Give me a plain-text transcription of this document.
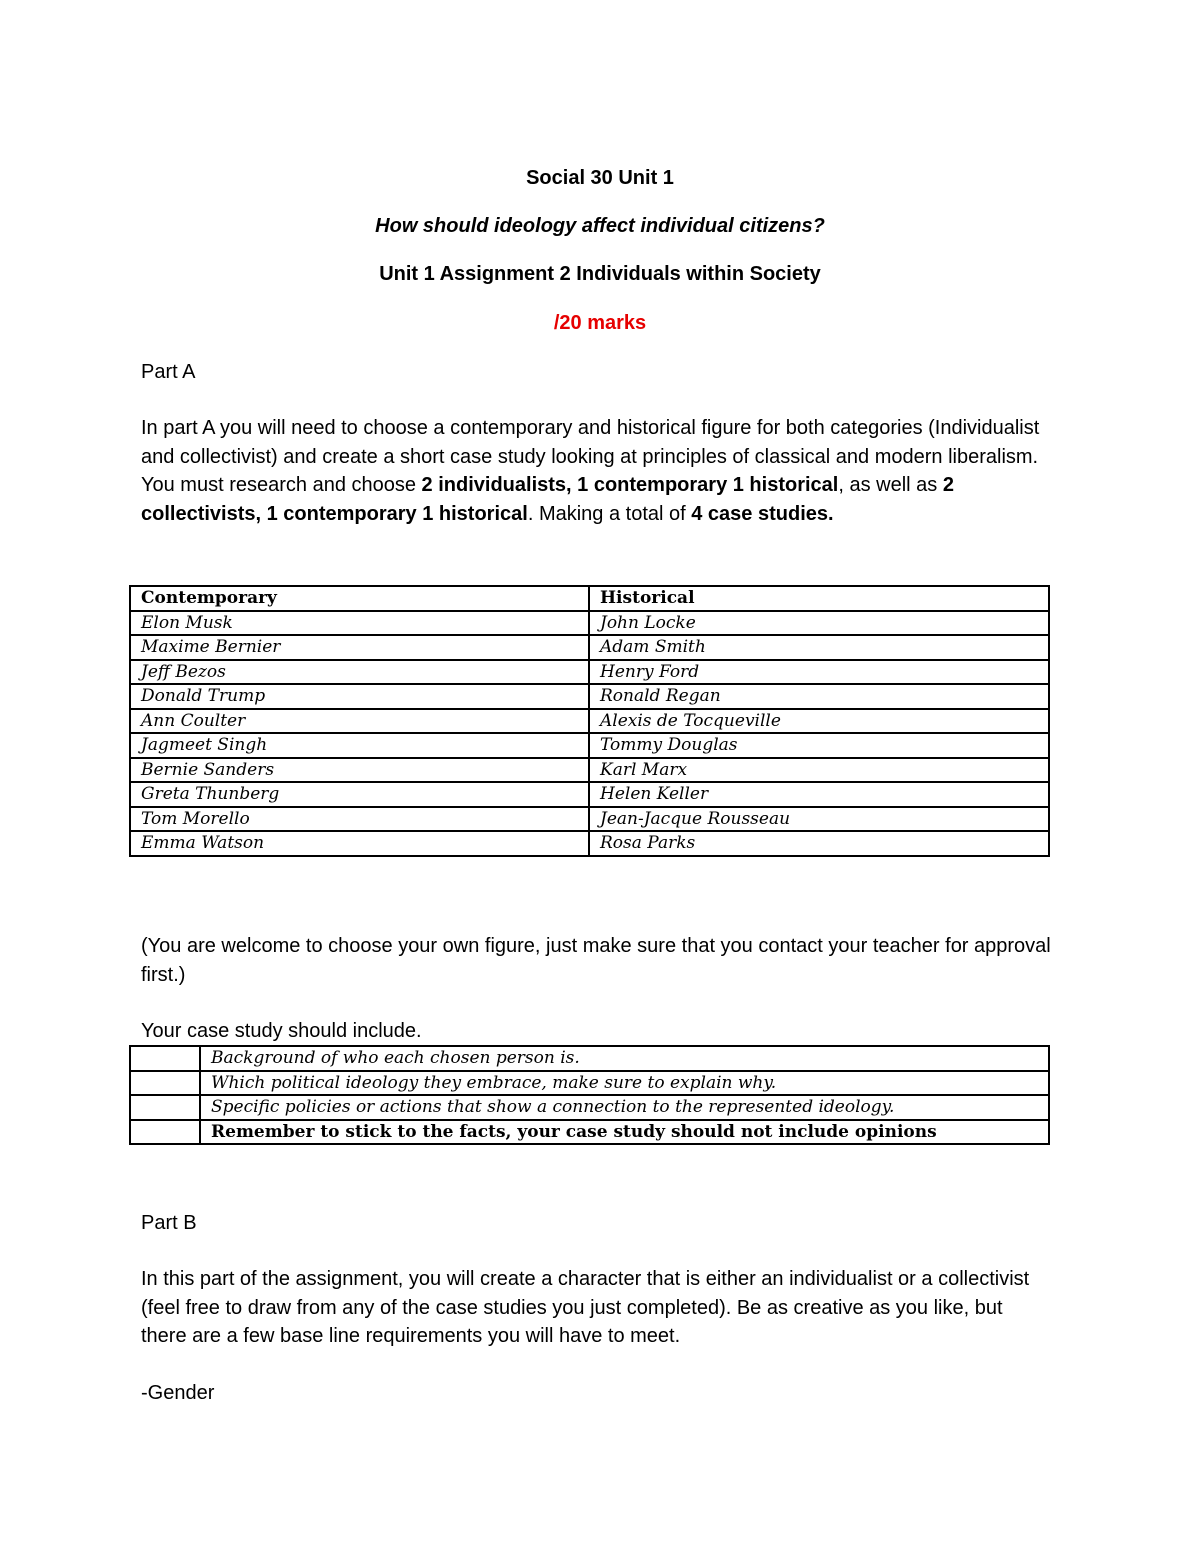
Social 30 Unit 1

How should ideology affect individual citizens?

Unit 1 Assignment 2 Individuals within Society

/20 marks

Part A

In part A you will need to choose a contemporary and historical figure for both categories (Individualist and collectivist) and create a short case study looking at principles of classical and modern liberalism. You must research and choose 2 individualists, 1 contemporary 1 historical, as well as 2 collectivists, 1 contemporary 1 historical. Making a total of 4 case studies.

Contemporary	Historical
Elon Musk	John Locke
Maxime Bernier	Adam Smith
Jeff Bezos	Henry Ford
Donald Trump	Ronald Regan
Ann Coulter	Alexis de Tocqueville
Jagmeet Singh	Tommy Douglas
Bernie Sanders	Karl Marx
Greta Thunberg	Helen Keller
Tom Morello	Jean-Jacque Rousseau
Emma Watson	Rosa Parks

(You are welcome to choose your own figure, just make sure that you contact your teacher for approval first.)

Your case study should include.

	Background of who each chosen person is.
	Which political ideology they embrace, make sure to explain why.
	Specific policies or actions that show a connection to the represented ideology.
	Remember to stick to the facts, your case study should not include opinions

Part B

In this part of the assignment, you will create a character that is either an individualist or a collectivist (feel free to draw from any of the case studies you just completed). Be as creative as you like, but there are a few base line requirements you will have to meet.

-Gender
